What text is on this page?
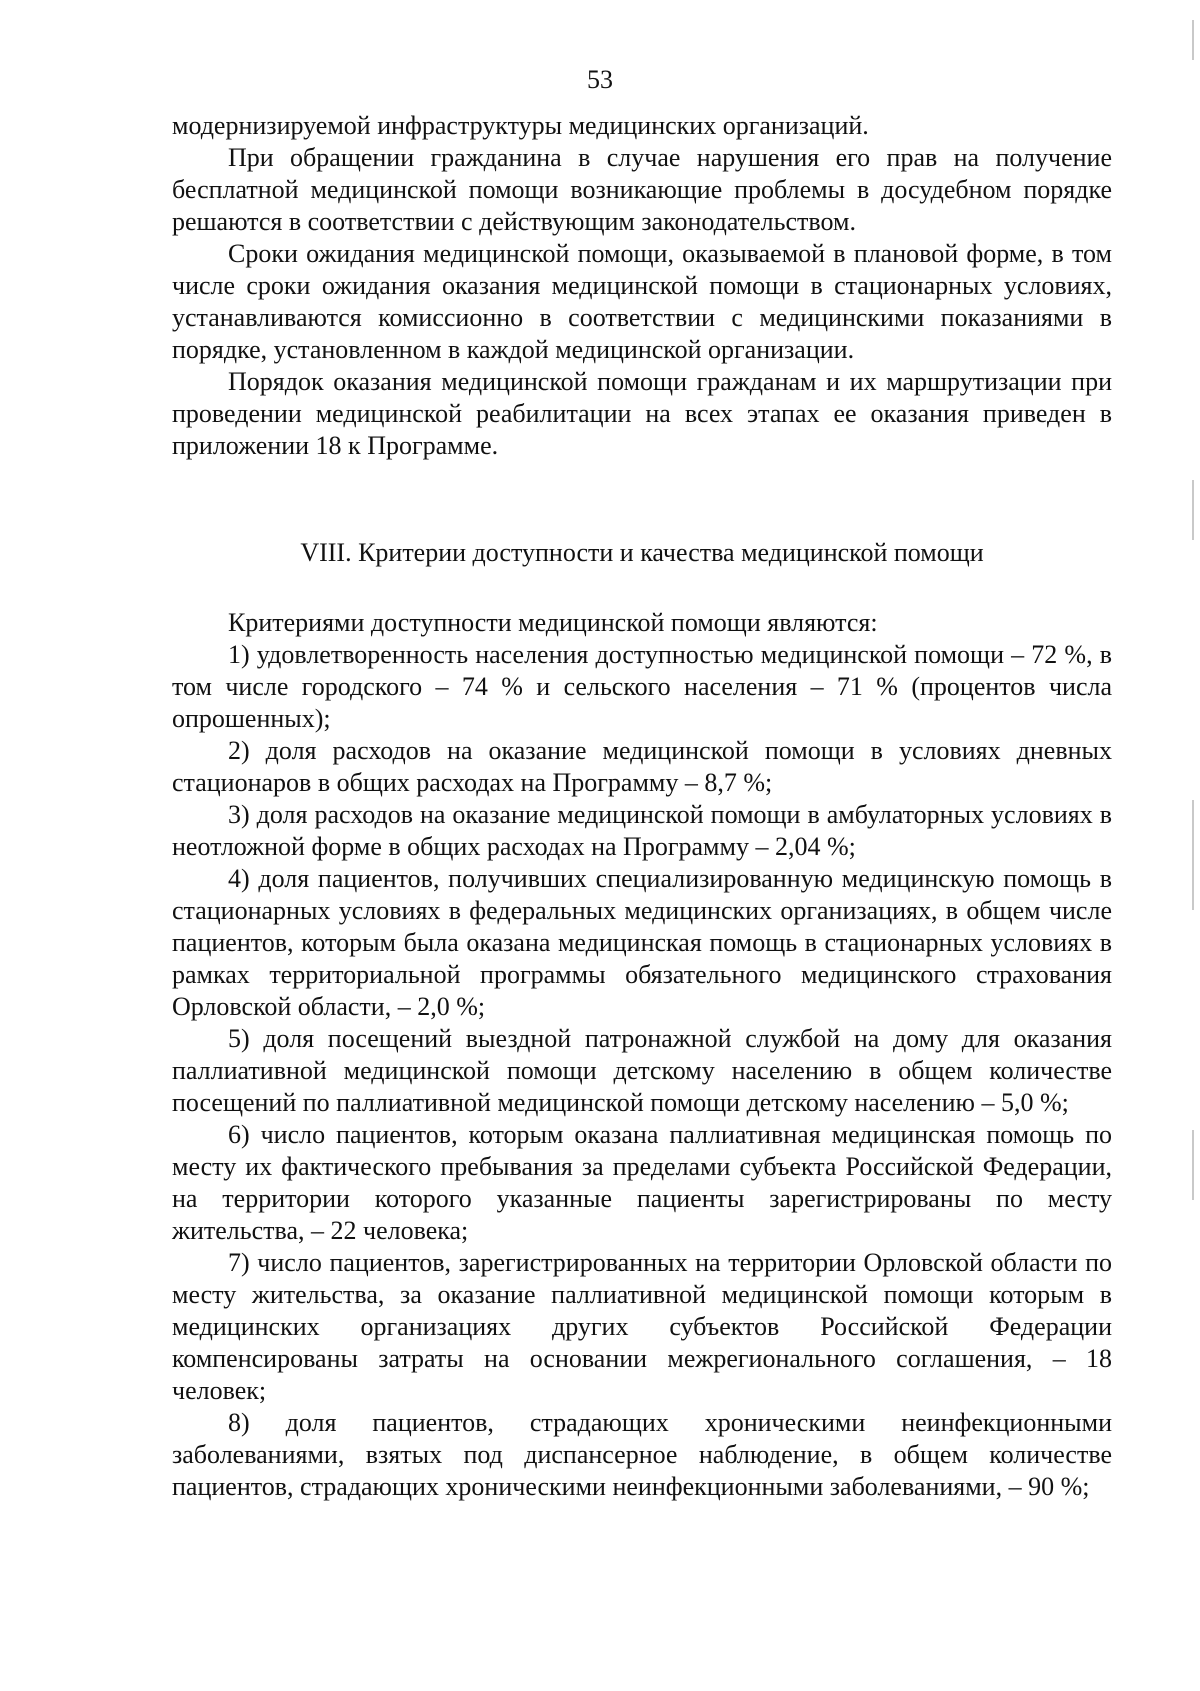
53

модернизируемой инфраструктуры медицинских организаций.

При обращении гражданина в случае нарушения его прав на получение бесплатной медицинской помощи возникающие проблемы в досудебном порядке решаются в соответствии с действующим законодательством.

Сроки ожидания медицинской помощи, оказываемой в плановой форме, в том числе сроки ожидания оказания медицинской помощи в стационарных условиях, устанавливаются комиссионно в соответствии с медицинскими показаниями в порядке, установленном в каждой медицинской организации.

Порядок оказания медицинской помощи гражданам и их маршрутизации при проведении медицинской реабилитации на всех этапах ее оказания приведен в приложении 18 к Программе.

VIII. Критерии доступности и качества медицинской помощи

Критериями доступности медицинской помощи являются:

1) удовлетворенность населения доступностью медицинской помощи – 72 %, в том числе городского – 74 % и сельского населения – 71 % (процентов числа опрошенных);

2) доля расходов на оказание медицинской помощи в условиях дневных стационаров в общих расходах на Программу – 8,7 %;

3) доля расходов на оказание медицинской помощи в амбулаторных условиях в неотложной форме в общих расходах на Программу – 2,04 %;

4) доля пациентов, получивших специализированную медицинскую помощь в стационарных условиях в федеральных медицинских организациях, в общем числе пациентов, которым была оказана медицинская помощь в стационарных условиях в рамках территориальной программы обязательного медицинского страхования Орловской области, – 2,0 %;

5) доля посещений выездной патронажной службой на дому для оказания паллиативной медицинской помощи детскому населению в общем количестве посещений по паллиативной медицинской помощи детскому населению – 5,0 %;

6) число пациентов, которым оказана паллиативная медицинская помощь по месту их фактического пребывания за пределами субъекта Российской Федерации, на территории которого указанные пациенты зарегистрированы по месту жительства, – 22 человека;

7) число пациентов, зарегистрированных на территории Орловской области по месту жительства, за оказание паллиативной медицинской помощи которым в медицинских организациях других субъектов Российской Федерации компенсированы затраты на основании межрегионального соглашения, – 18 человек;

8) доля пациентов, страдающих хроническими неинфекционными заболеваниями, взятых под диспансерное наблюдение, в общем количестве пациентов, страдающих хроническими неинфекционными заболеваниями, – 90 %;
